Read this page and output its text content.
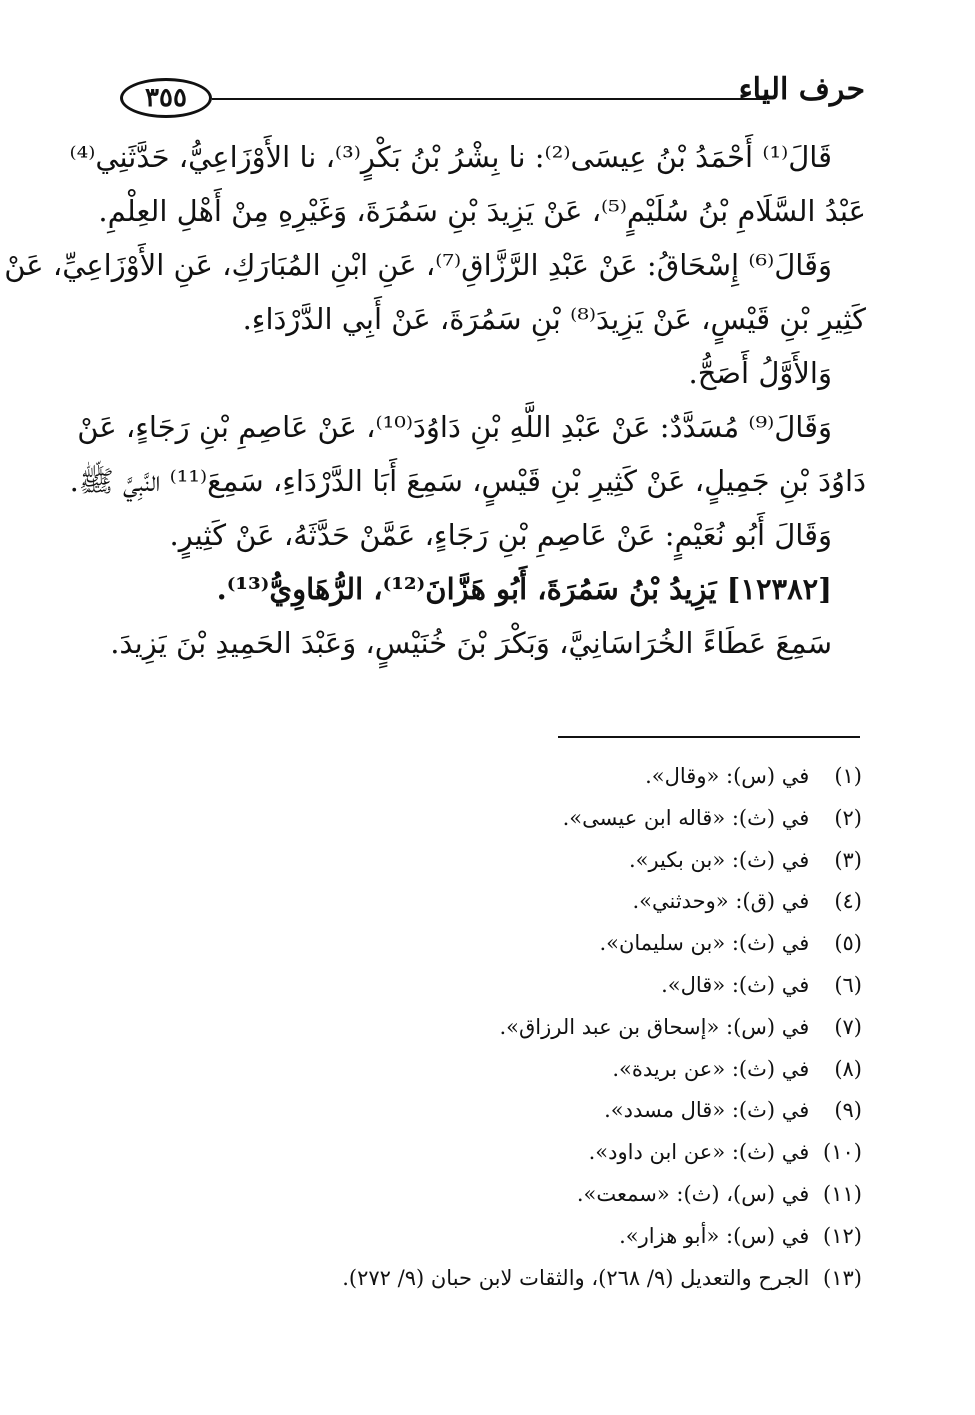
٣٥٥	حرف الياء
قَالَ⁽¹⁾ أَحْمَدُ بْنُ عِيسَى⁽²⁾: نا بِشْرُ بْنُ بَكْرٍ⁽³⁾، نا الأَوْزَاعِيُّ، حَدَّثَنِي⁽⁴⁾
عَبْدُ السَّلَامِ بْنُ سُلَيْمٍ⁽⁵⁾، عَنْ يَزِيدَ بْنِ سَمُرَةَ، وَغَيْرِهِ مِنْ أَهْلِ العِلْمِ.
وَقَالَ⁽⁶⁾ إِسْحَاقُ: عَنْ عَبْدِ الرَّزَّاقِ⁽⁷⁾، عَنِ ابْنِ المُبَارَكِ، عَنِ الأَوْزَاعِيِّ، عَنْ
كَثِيرِ بْنِ قَيْسٍ، عَنْ يَزِيدَ⁽⁸⁾ بْنِ سَمُرَةَ، عَنْ أَبِي الدَّرْدَاءِ.
وَالأَوَّلُ أَصَحُّ.
وَقَالَ⁽⁹⁾ مُسَدَّدٌ: عَنْ عَبْدِ اللَّهِ بْنِ دَاوُدَ⁽¹⁰⁾، عَنْ عَاصِمِ بْنِ رَجَاءٍ، عَنْ
دَاوُدَ بْنِ جَمِيلٍ، عَنْ كَثِيرِ بْنِ قَيْسٍ، سَمِعَ أَبَا الدَّرْدَاءِ، سَمِعَ⁽¹¹⁾ النَّبِيَّ ﷺ.
وَقَالَ أَبُو نُعَيْمٍ: عَنْ عَاصِمِ بْنِ رَجَاءٍ، عَمَّنْ حَدَّثَهُ، عَنْ كَثِيرٍ.
[١٢٣٨٢] يَزِيدُ بْنُ سَمُرَةَ، أَبُو هَزَّانَ⁽¹²⁾، الرُّهَاوِيُّ⁽¹³⁾.
سَمِعَ عَطَاءً الخُرَاسَانِيَّ، وَبَكْرَ بْنَ خُنَيْسٍ، وَعَبْدَ الحَمِيدِ بْنَ يَزِيدَ.
(١) في (س): «وقال».
(٢) في (ث): «قاله ابن عيسى».
(٣) في (ث): «بن بكير».
(٤) في (ق): «وحدثني».
(٥) في (ث): «بن سليمان».
(٦) في (ث): «قال».
(٧) في (س): «إسحاق بن عبد الرزاق».
(٨) في (ث): «عن بريدة».
(٩) في (ث): «قال مسدد».
(١٠) في (ث): «عن ابن داود».
(١١) في (س)، (ث): «سمعت».
(١٢) في (س): «أبو هزار».
(١٣) الجرح والتعديل (٩/ ٢٦٨)، والثقات لابن حبان (٩/ ٢٧٢).
